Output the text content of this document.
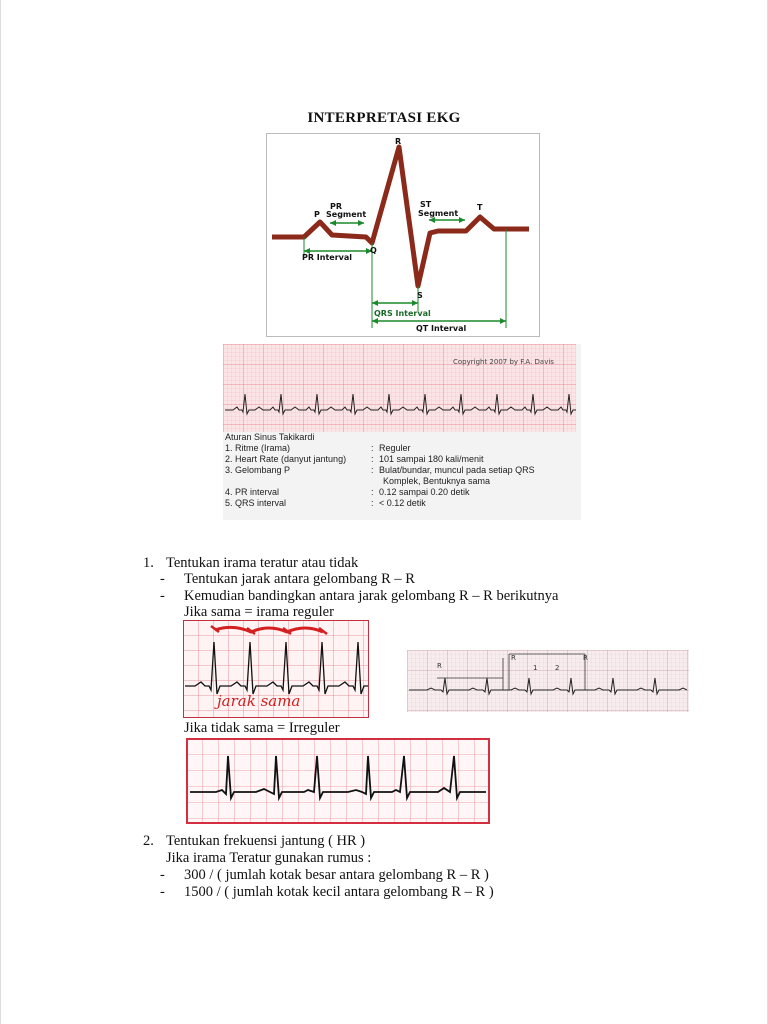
INTERPRETASI EKG
R
P
T
Q
S
PR
Segment
ST
Segment
PR Interval
QRS Interval
QT Interval
Copyright 2007 by F.A. Davis
Aturan Sinus Takikardi
1. Ritme (Irama)	: Reguler
2. Heart Rate (danyut jantung)	: 101 sampai 180 kali/menit
3. Gelombang P	: Bulat/bundar, muncul pada setiap QRS
Komplek, Bentuknya sama
4. PR interval	: 0.12 sampai 0.20 detik
5. QRS interval	: < 0.12 detik
1. Tentukan irama teratur atau tidak
- Tentukan jarak antara gelombang R – R
- Kemudian bandingkan antara jarak gelombang R – R berikutnya
Jika sama = irama reguler
jarak sama
R	1	2
R	R
Jika tidak sama = Irreguler
2. Tentukan frekuensi jantung ( HR )
Jika irama Teratur gunakan rumus :
- 300 / ( jumlah kotak besar antara gelombang R – R )
- 1500 / ( jumlah kotak kecil antara gelombang R – R )
